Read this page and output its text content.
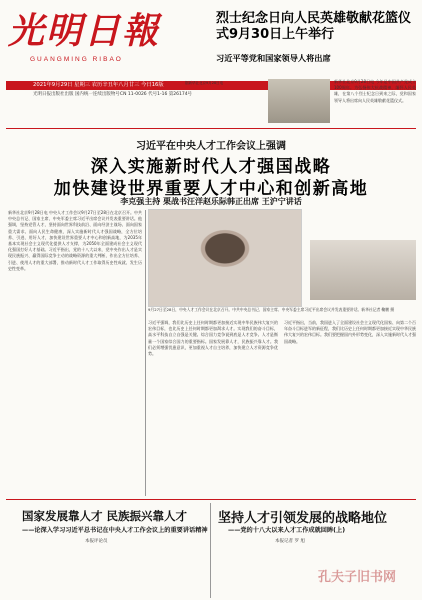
光明日報
GUANGMING RIBAO
烈士纪念日向人民英雄敬献花篮仪式9月30日上午举行
习近平等党和国家领导人将出席
2021年9月29日 星期三 农历辛丑年八月廿三 今日16版
光明日报出版社出版 国内统一连续出版物号CN 11-0026 代号1-16 第26174号
据新华社北京9月28日电	新华社北京9月28日电 今年是中国共产党成立100周年。为弘扬伟大抗战精神，缅怀人民英雄，在第八个烈士纪念日到来之际，党和国家领导人将出席向人民英雄敬献花篮仪式。
习近平在中央人才工作会议上强调
深入实施新时代人才强国战略
加快建设世界重要人才中心和创新高地
李克强主持 栗战书汪洋赵乐际韩正出席 王沪宁讲话
新华社北京9月28日电 中央人才工作会议9月27日至28日在北京召开。中共中央总书记、国家主席、中央军委主席习近平出席会议并发表重要讲话。他强调，坚持党管人才，坚持面向世界科技前沿、面向经济主战场、面向国家重大需求、面向人民生命健康，深入实施新时代人才强国战略，全方位培养、引进、用好人才，加快建设世界重要人才中心和创新高地，为2035年基本实现社会主义现代化提供人才支撑，为2050年全面建成社会主义现代化强国打好人才基础。习近平指出，党的十八大以来，党中央作出人才是实现民族振兴、赢得国际竞争主动的战略资源的重大判断，作出全方位培养、引进、使用人才的重大部署，推动新时代人才工作取得历史性成就、发生历史性变革。
9月27日至28日，中央人才工作会议在北京召开。中共中央总书记、国家主席、中央军委主席习近平出席会议并发表重要讲话。新华社记者 鞠鹏 摄
习近平强调，我们比历史上任何时期都更加接近实现中华民族伟大复兴的宏伟目标，也比历史上任何时期都更加渴求人才。实现我们的奋斗目标，高水平科技自立自强是关键。综合国力竞争说到底是人才竞争。人才是衡量一个国家综合国力的重要指标。国家发展靠人才，民族振兴靠人才。我们必须增强忧患意识，更加重视人才自主培养，加快建立人才资源竞争优势。
习近平指出，当前，我国进入了全面建设社会主义现代化国家、向第二个百年奋斗目标进军的新征程，我们比历史上任何时期都更加接近实现中华民族伟大复兴的宏伟目标。我们要把握国内外形势变化，深入实施新时代人才强国战略。
国家发展靠人才 民族振兴靠人才
——论深入学习习近平总书记在中央人才工作会议上的重要讲话精神
本报评论员
坚持人才引领发展的战略地位
——党的十八大以来人才工作成就回眸(上)
本报记者 罗 旭
孔夫子旧书网
